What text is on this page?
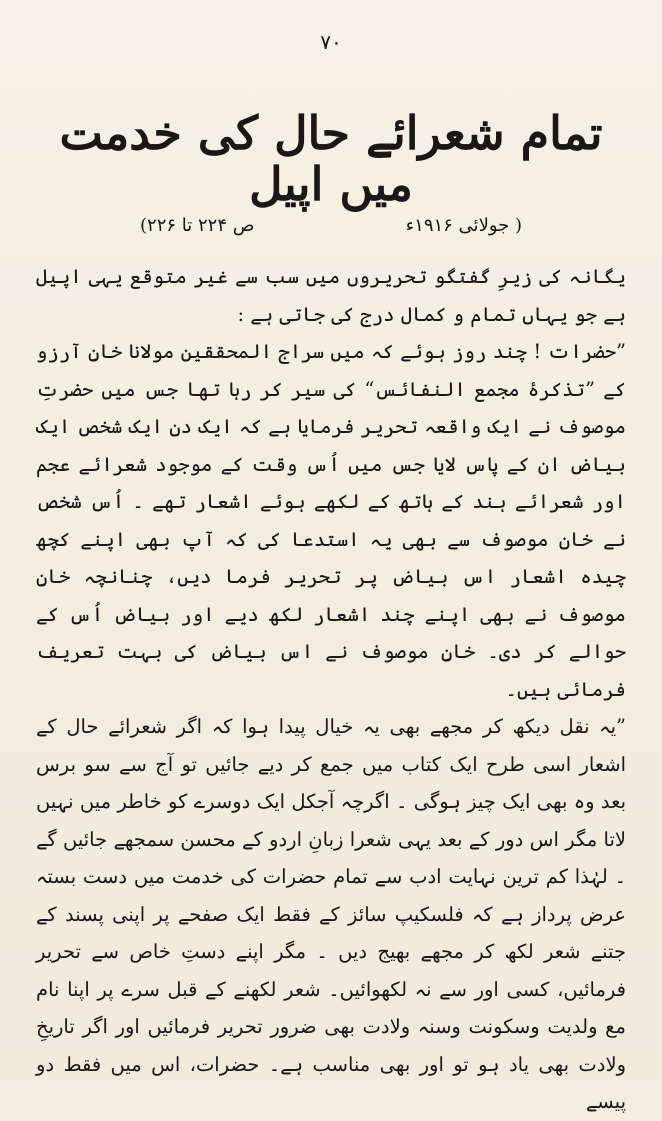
۷۰
تمام شعرائے حال کی خدمت میں اپیل
( جولائی ۱۹۱۶ء
ص ۲۲۴ تا ۲۲۶)

یگانہ کی زیرِ گفتگو تحریروں میں سب سے غیر متوقع یہی اپیل ہے جو یہاں تمام و کمال درج کی جاتی ہے :

”حضرات ! چند روز ہوئے کہ میں سراج المحققین مولانا خانِ آرزو کے ”تذکرۂ مجمع النفائس“ کی سیر کر رہا تھا جس میں حضرتِ موصوف نے ایک واقعہ تحریر فرمایا ہے کہ ایک دن ایک شخص ایک بیاض ان کے پاس لایا جس میں اُس وقت کے موجود شعرائے عجم اور شعرائے ہند کے ہاتھ کے لکھے ہوئے اشعار تھے ۔ اُس شخص نے خان موصوف سے بھی یہ استدعا کی کہ آپ بھی اپنے کچھ چیدہ اشعار اس بیاض پر تحریر فرما دیں، چنانچہ خانِ موصوف نے بھی اپنے چند اشعار لکھ دیے اور بیاض اُس کے حوالے کر دی۔ خانِ موصوف نے اس بیاض کی بہت تعریف فرمائی ہیں۔

”یہ نقل دیکھ کر مجھے بھی یہ خیال پیدا ہوا کہ اگر شعرائے حال کے اشعار اسی طرح ایک کتاب میں جمع کر دیے جائیں تو آج سے سو برس بعد وہ بھی ایک چیز ہوگی ۔ اگرچہ آجکل ایک دوسرے کو خاطر میں نہیں لاتا مگر اس دور کے بعد یہی شعرا زبانِ اردو کے محسن سمجھے جائیں گے ۔ لہٰذا کم ترین نہایت ادب سے تمام حضرات کی خدمت میں دست بستہ عرض پرداز ہے کہ فلسکیپ سائز کے فقط ایک صفحے پر اپنی پسند کے جتنے شعر لکھ کر مجھے بھیج دیں ۔ مگر اپنے دستِ خاص سے تحریر فرمائیں، کسی اور سے نہ لکھوائیں۔ شعر لکھنے کے قبل سرے پر اپنا نام مع ولدیت وسکونت وسنہ ولادت بھی ضرور تحریر فرمائیں اور اگر تاریخِ ولادت بھی یاد ہو تو اور بھی مناسب ہے۔ حضرات، اس میں فقط دو پیسے
